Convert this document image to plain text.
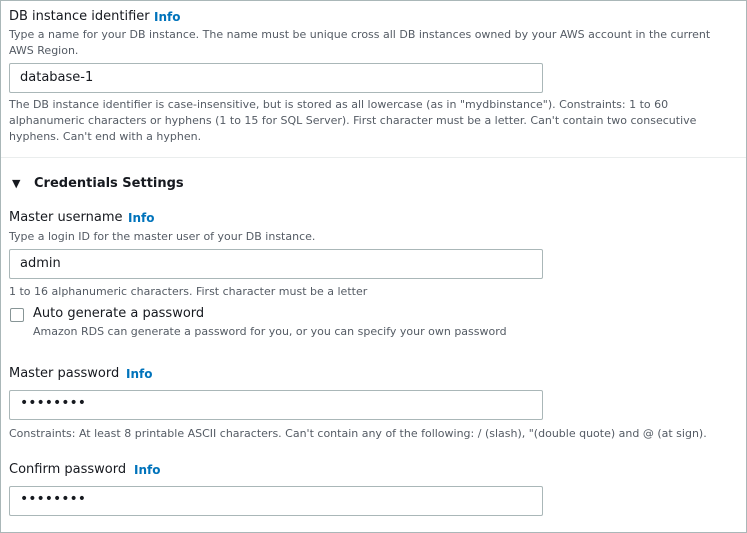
DB instance identifier Info
Type a name for your DB instance. The name must be unique cross all DB instances owned by your AWS account in the current AWS Region.
database-1
The DB instance identifier is case-insensitive, but is stored as all lowercase (as in "mydbinstance"). Constraints: 1 to 60 alphanumeric characters or hyphens (1 to 15 for SQL Server). First character must be a letter. Can't contain two consecutive hyphens. Can't end with a hyphen.
▼ Credentials Settings
Master username Info
Type a login ID for the master user of your DB instance.
admin
1 to 16 alphanumeric characters. First character must be a letter
Auto generate a password
Amazon RDS can generate a password for you, or you can specify your own password
Master password Info
••••••••
Constraints: At least 8 printable ASCII characters. Can't contain any of the following: / (slash), "(double quote) and @ (at sign).
Confirm password Info
••••••••
